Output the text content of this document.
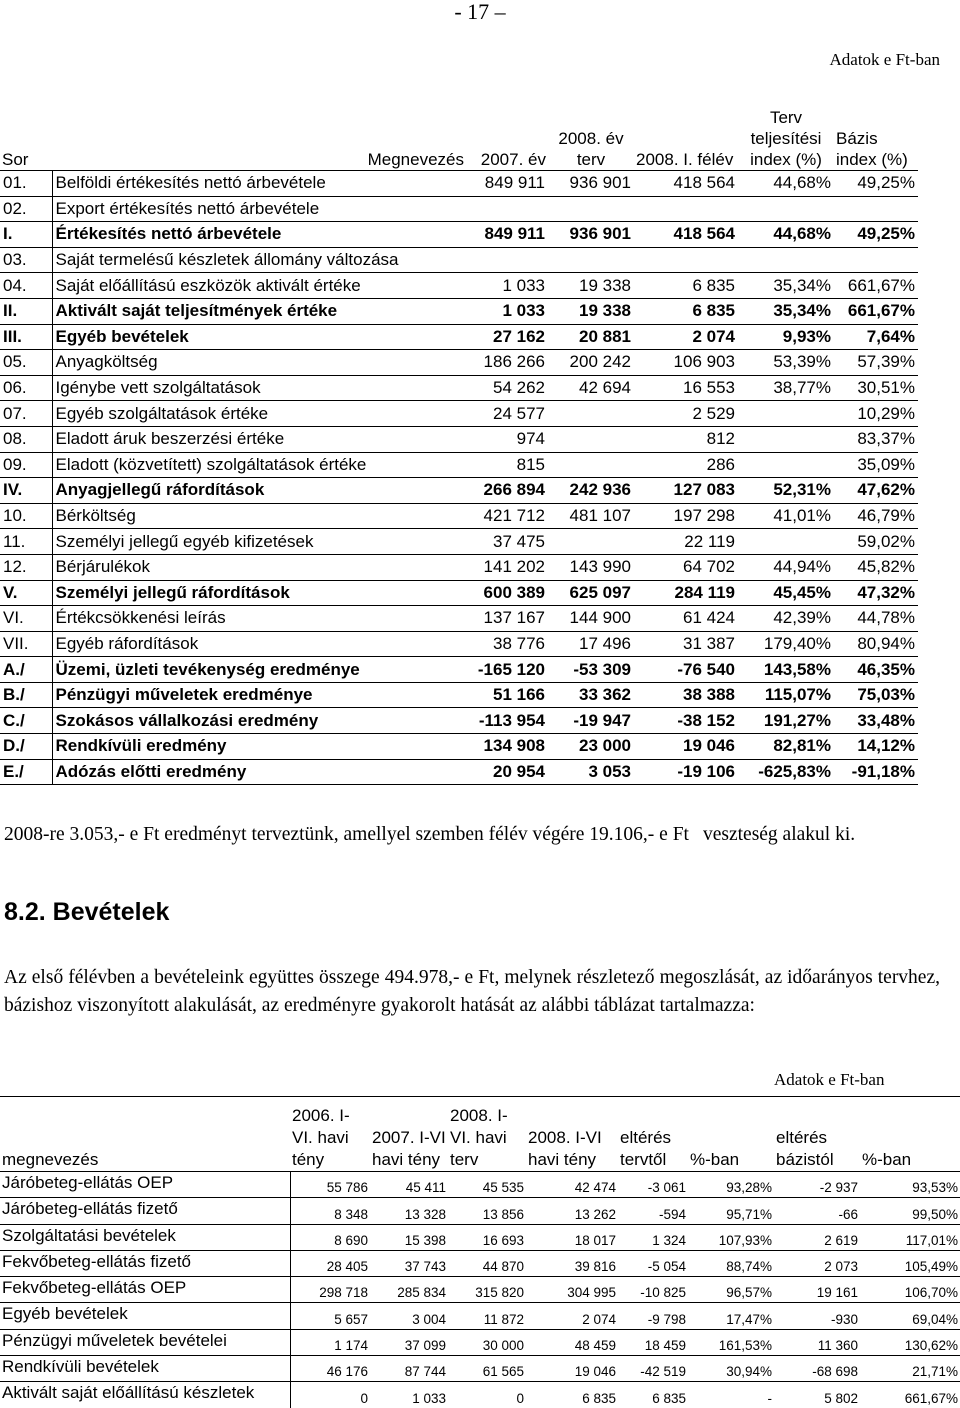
- 17 –
Adatok e Ft-ban
Sor	Megnevezés	2007. év	2008. év terv	2008. I. félév	Terv teljesítési index (%)	Bázis index (%)
01.	Belföldi értékesítés nettó árbevétele	849 911	936 901	418 564	44,68%	49,25%
02.	Export értékesítés nettó árbevétele					
I.	Értékesítés nettó árbevétele	849 911	936 901	418 564	44,68%	49,25%
03.	Saját termelésű készletek állomány változása					
04.	Saját előállítású eszközök aktivált értéke	1 033	19 338	6 835	35,34%	661,67%
II.	Aktivált saját teljesítmények értéke	1 033	19 338	6 835	35,34%	661,67%
III.	Egyéb bevételek	27 162	20 881	2 074	9,93%	7,64%
05.	Anyagköltség	186 266	200 242	106 903	53,39%	57,39%
06.	Igénybe vett szolgáltatások	54 262	42 694	16 553	38,77%	30,51%
07.	Egyéb szolgáltatások értéke	24 577		2 529		10,29%
08.	Eladott áruk beszerzési értéke	974		812		83,37%
09.	Eladott (közvetített) szolgáltatások értéke	815		286		35,09%
IV.	Anyagjellegű ráfordítások	266 894	242 936	127 083	52,31%	47,62%
10.	Bérköltség	421 712	481 107	197 298	41,01%	46,79%
11.	Személyi jellegű egyéb kifizetések	37 475		22 119		59,02%
12.	Bérjárulékok	141 202	143 990	64 702	44,94%	45,82%
V.	Személyi jellegű ráfordítások	600 389	625 097	284 119	45,45%	47,32%
VI.	Értékcsökkenési leírás	137 167	144 900	61 424	42,39%	44,78%
VII.	Egyéb ráfordítások	38 776	17 496	31 387	179,40%	80,94%
A./	Üzemi, üzleti tevékenység eredménye	-165 120	-53 309	-76 540	143,58%	46,35%
B./	Pénzügyi műveletek eredménye	51 166	33 362	38 388	115,07%	75,03%
C./	Szokásos vállalkozási eredmény	-113 954	-19 947	-38 152	191,27%	33,48%
D./	Rendkívüli eredmény	134 908	23 000	19 046	82,81%	14,12%
E./	Adózás előtti eredmény	20 954	3 053	-19 106	-625,83%	-91,18%
2008-re 3.053,- e Ft eredményt terveztünk, amellyel szemben félév végére 19.106,- e Ft veszteség alakul ki.
8.2. Bevételek
Az első félévben a bevételeink együttes összege 494.978,- e Ft, melynek részletező megoszlását, az időarányos tervhez, bázishoz viszonyított alakulását, az eredményre gyakorolt hatását az alábbi táblázat tartalmazza:
Adatok e Ft-ban
megnevezés	2006. I-VI. havi tény	2007. I-VI havi tény	2008. I-VI. havi terv	2008. I-VI havi tény	eltérés tervtől	%-ban	eltérés bázistól	%-ban
Járóbeteg-ellátás OEP	55 786	45 411	45 535	42 474	-3 061	93,28%	-2 937	93,53%
Járóbeteg-ellátás fizető	8 348	13 328	13 856	13 262	-594	95,71%	-66	99,50%
Szolgáltatási bevételek	8 690	15 398	16 693	18 017	1 324	107,93%	2 619	117,01%
Fekvőbeteg-ellátás fizető	28 405	37 743	44 870	39 816	-5 054	88,74%	2 073	105,49%
Fekvőbeteg-ellátás OEP	298 718	285 834	315 820	304 995	-10 825	96,57%	19 161	106,70%
Egyéb bevételek	5 657	3 004	11 872	2 074	-9 798	17,47%	-930	69,04%
Pénzügyi műveletek bevételei	1 174	37 099	30 000	48 459	18 459	161,53%	11 360	130,62%
Rendkívüli bevételek	46 176	87 744	61 565	19 046	-42 519	30,94%	-68 698	21,71%
Aktivált saját előállítású készletek	0	1 033	0	6 835	6 835	-	5 802	661,67%
